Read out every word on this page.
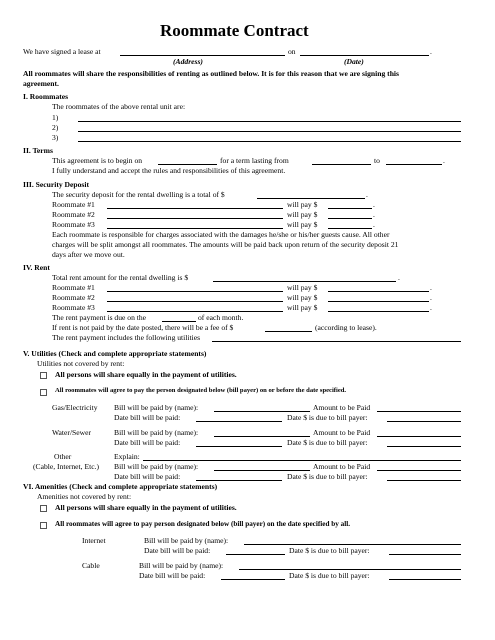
Roommate Contract
We have signed a lease at	on	.
(Address)	(Date)
All roommates will share the responsibilities of renting as outlined below. It is for this reason that we are signing this
agreement.
I. Roommates
The roommates of the above rental unit are:
1)
2)
3)
II. Terms
This agreement is to begin on	for a term lasting from	to	.
I fully understand and accept the rules and responsibilities of this agreement.
III. Security Deposit
The security deposit for the rental dwelling is a total of $	.
Roommate #1	will pay $	.
Roommate #2	will pay $	.
Roommate #3	will pay $	.
Each roommate is responsible for charges associated with the damages he/she or his/her guests cause. All other
charges will be split amongst all roommates. The amounts will be paid back upon return of the security deposit 21
days after we move out.
IV. Rent
Total rent amount for the rental dwelling is $	.
Roommate #1	will pay $	.
Roommate #2	will pay $	.
Roommate #3	will pay $	.
The rent payment is due on the	of each month.
If rent is not paid by the date posted, there will be a fee of $	(according to lease).
The rent payment includes the following utilities
V. Utilities (Check and complete appropriate statements)
Utilities not covered by rent:
All persons will share equally in the payment of utilities.
All roommates will agree to pay the person designated below (bill payer) on or before the date specified.
Gas/Electricity Bill will be paid by (name):	Amount to be Paid
Date bill will be paid:	Date $ is due to bill payer:
Water/Sewer	Bill will be paid by (name):	Amount to be Paid
Date bill will be paid:	Date $ is due to bill payer:
Other	Explain:
(Cable, Internet, Etc.) Bill will be paid by (name):	Amount to be Paid
Date bill will be paid:	Date $ is due to bill payer:
VI. Amenities (Check and complete appropriate statements)
Amenities not covered by rent:
All persons will share equally in the payment of utilities.
All roommates will agree to pay person designated below (bill payer) on the date specified by all.
Internet	Bill will be paid by (name):
Date bill will be paid:	Date $ is due to bill payer:
Cable	Bill will be paid by (name):
Date bill will be paid:	Date $ is due to bill payer:
